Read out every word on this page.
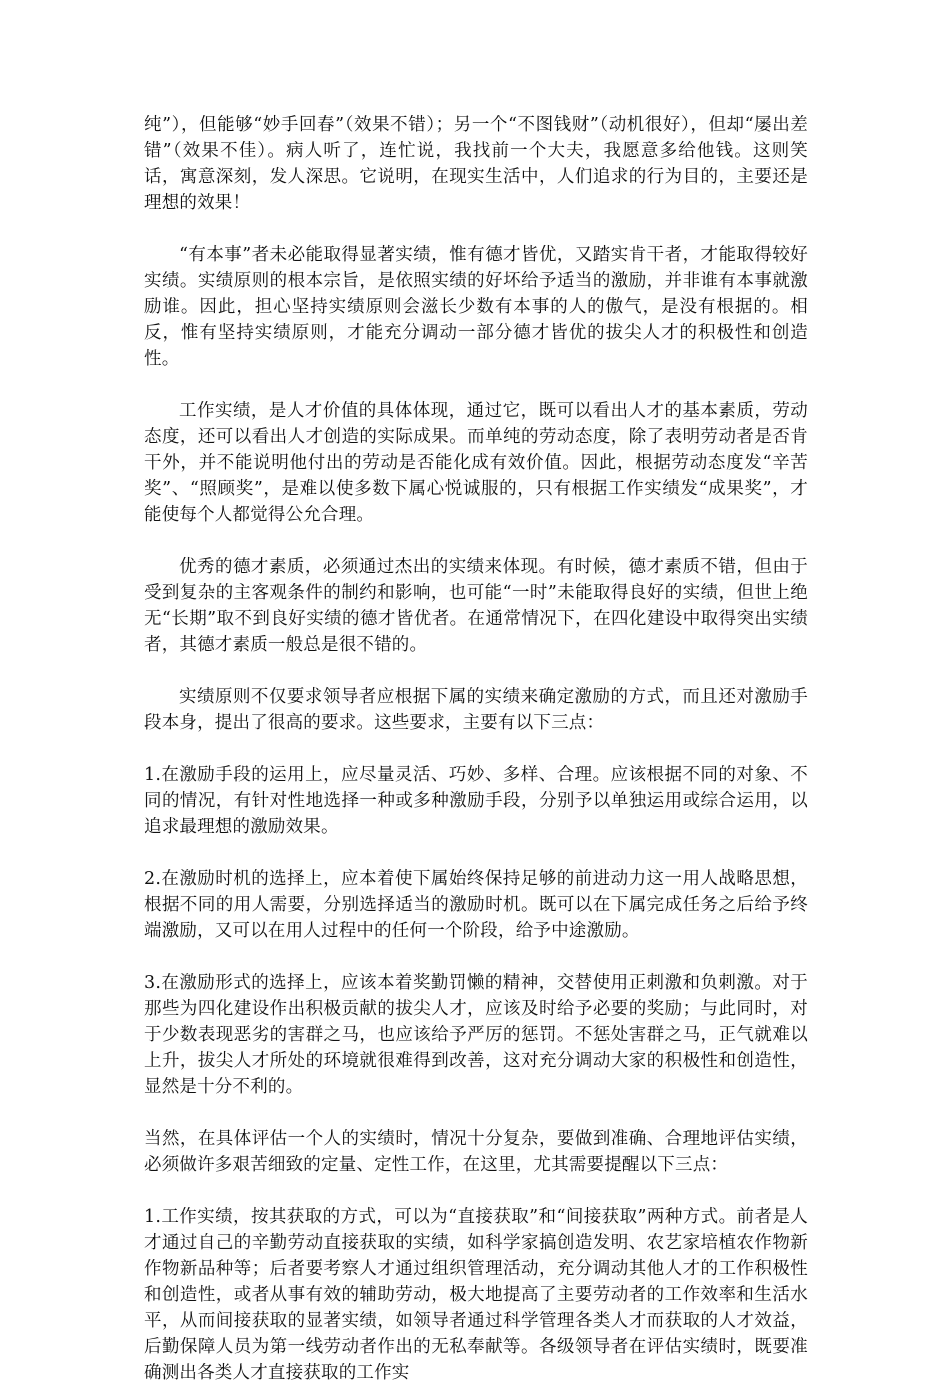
纯”），但能够“妙手回春”（效果不错）；另一个“不图钱财”（动机很好），但却“屡出差错”（效果不佳）。病人听了，连忙说，我找前一个大夫，我愿意多给他钱。这则笑话，寓意深刻，发人深思。它说明，在现实生活中，人们追求的行为目的，主要还是理想的效果！

“有本事”者未必能取得显著实绩，惟有德才皆优，又踏实肯干者，才能取得较好实绩。实绩原则的根本宗旨，是依照实绩的好坏给予适当的激励，并非谁有本事就激励谁。因此，担心坚持实绩原则会滋长少数有本事的人的傲气，是没有根据的。相反，惟有坚持实绩原则，才能充分调动一部分德才皆优的拔尖人才的积极性和创造性。

工作实绩，是人才价值的具体体现，通过它，既可以看出人才的基本素质，劳动态度，还可以看出人才创造的实际成果。而单纯的劳动态度，除了表明劳动者是否肯干外，并不能说明他付出的劳动是否能化成有效价值。因此，根据劳动态度发“辛苦奖”、“照顾奖”，是难以使多数下属心悦诚服的，只有根据工作实绩发“成果奖”，才能使每个人都觉得公允合理。

优秀的德才素质，必须通过杰出的实绩来体现。有时候，德才素质不错，但由于受到复杂的主客观条件的制约和影响，也可能“一时”未能取得良好的实绩，但世上绝无“长期”取不到良好实绩的德才皆优者。在通常情况下，在四化建设中取得突出实绩者，其德才素质一般总是很不错的。

实绩原则不仅要求领导者应根据下属的实绩来确定激励的方式，而且还对激励手段本身，提出了很高的要求。这些要求，主要有以下三点：

1.在激励手段的运用上，应尽量灵活、巧妙、多样、合理。应该根据不同的对象、不同的情况，有针对性地选择一种或多种激励手段，分别予以单独运用或综合运用，以追求最理想的激励效果。

2.在激励时机的选择上，应本着使下属始终保持足够的前进动力这一用人战略思想，根据不同的用人需要，分别选择适当的激励时机。既可以在下属完成任务之后给予终端激励，又可以在用人过程中的任何一个阶段，给予中途激励。

3.在激励形式的选择上，应该本着奖勤罚懒的精神，交替使用正刺激和负刺激。对于那些为四化建设作出积极贡献的拔尖人才，应该及时给予必要的奖励；与此同时，对于少数表现恶劣的害群之马，也应该给予严厉的惩罚。不惩处害群之马，正气就难以上升，拔尖人才所处的环境就很难得到改善，这对充分调动大家的积极性和创造性，显然是十分不利的。

当然，在具体评估一个人的实绩时，情况十分复杂，要做到准确、合理地评估实绩，必须做许多艰苦细致的定量、定性工作，在这里，尤其需要提醒以下三点：

1.工作实绩，按其获取的方式，可以为“直接获取”和“间接获取”两种方式。前者是人才通过自己的辛勤劳动直接获取的实绩，如科学家搞创造发明、农艺家培植农作物新作物新品种等；后者要考察人才通过组织管理活动，充分调动其他人才的工作积极性和创造性，或者从事有效的辅助劳动，极大地提高了主要劳动者的工作效率和生活水平，从而间接获取的显著实绩，如领导者通过科学管理各类人才而获取的人才效益，后勤保障人员为第一线劳动者作出的无私奉献等。各级领导者在评估实绩时，既要准确测出各类人才直接获取的工作实
